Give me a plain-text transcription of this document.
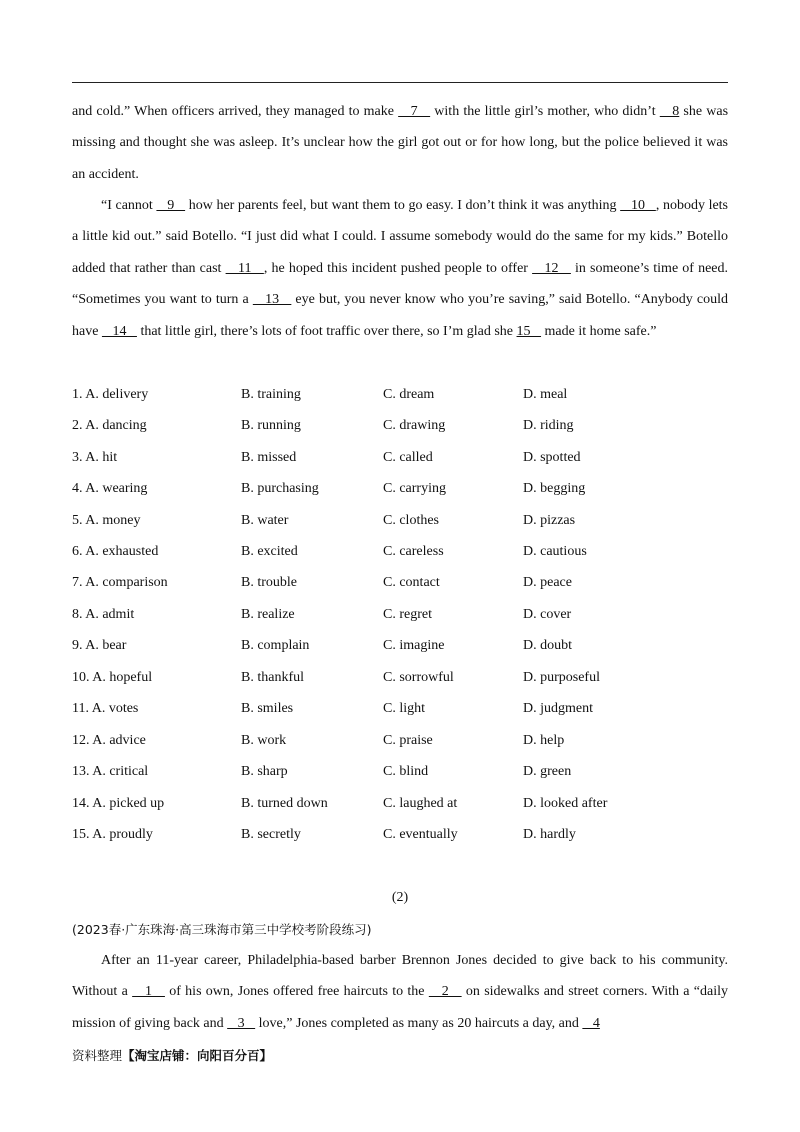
and cold.” When officers arrived, they managed to make    7    with the little girl’s mother, who didn’t    8 she was missing and thought she was asleep. It’s unclear how the girl got out or for how long, but the police believed it was an accident.

“I cannot    9    how her parents feel, but want them to go easy. I don’t think it was anything    10   , nobody lets a little kid out.” said Botello. “I just did what I could. I assume somebody would do the same for my kids.” Botello added that rather than cast    11   , he hoped this incident pushed people to offer    12    in someone’s time of need. “Sometimes you want to turn a    13    eye but, you never know who you’re saving,” said Botello. “Anybody could have    14    that little girl, there’s lots of foot traffic over there, so I’m glad she 15    made it home safe.”

1. A. delivery	B. training	C. dream	D. meal
2. A. dancing	B. running	C. drawing	D. riding
3. A. hit	B. missed	C. called	D. spotted
4. A. wearing	B. purchasing	C. carrying	D. begging
5. A. money	B. water	C. clothes	D. pizzas
6. A. exhausted	B. excited	C. careless	D. cautious
7. A. comparison	B. trouble	C. contact	D. peace
8. A. admit	B. realize	C. regret	D. cover
9. A. bear	B. complain	C. imagine	D. doubt
10. A. hopeful	B. thankful	C. sorrowful	D. purposeful
11. A. votes	B. smiles	C. light	D. judgment
12. A. advice	B. work	C. praise	D. help
13. A. critical	B. sharp	C. blind	D. green
14. A. picked up	B. turned down	C. laughed at	D. looked after
15. A. proudly	B. secretly	C. eventually	D. hardly
(2)
(2023春·广东珠海·高三珠海市第三中学校考阶段练习)

After an 11-year career, Philadelphia-based barber Brennon Jones decided to give back to his community. Without a    1    of his own, Jones offered free haircuts to the    2    on sidewalks and street corners. With a “daily mission of giving back and    3    love,” Jones completed as many as 20 haircuts a day, and    4

资料整理【淘宝店铺：向阳百分百】
